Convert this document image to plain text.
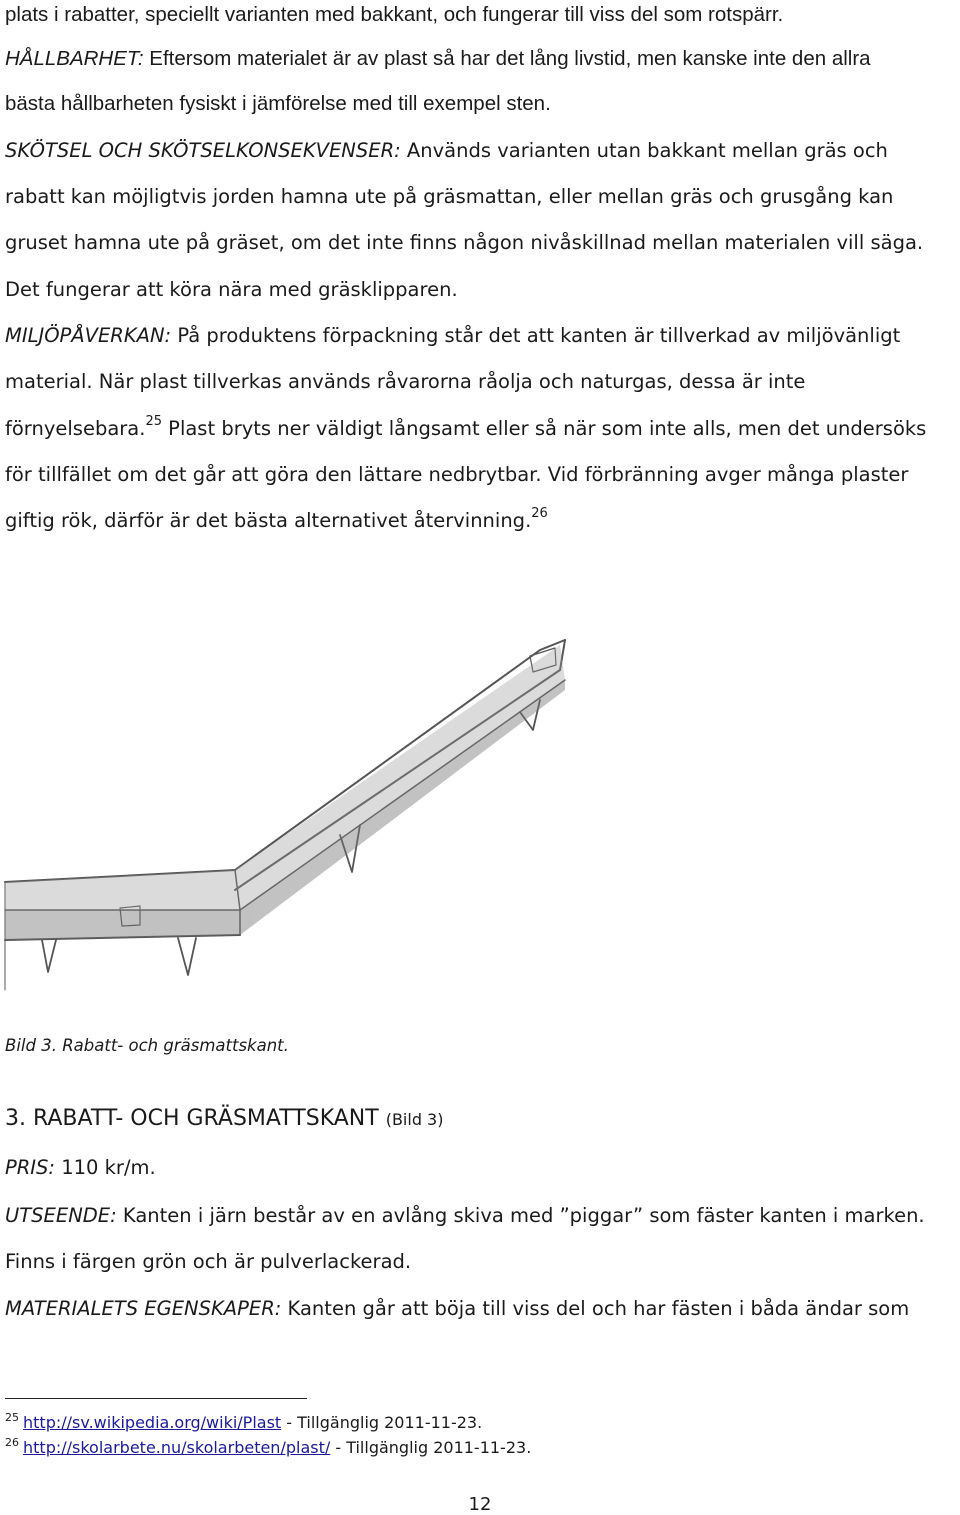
plats i rabatter, speciellt varianten med bakkant, och fungerar till viss del som rotspärr.
HÅLLBARHET: Eftersom materialet är av plast så har det lång livstid, men kanske inte den allra
bästa hållbarheten fysiskt i jämförelse med till exempel sten.
SKÖTSEL OCH SKÖTSELKONSEKVENSER: Används varianten utan bakkant mellan gräs och
rabatt kan möjligtvis jorden hamna ute på gräsmattan, eller mellan gräs och grusgång kan
gruset hamna ute på gräset, om det inte finns någon nivåskillnad mellan materialen vill säga.
Det fungerar att köra nära med gräsklipparen.
MILJÖPÅVERKAN: På produktens förpackning står det att kanten är tillverkad av miljövänligt
material. När plast tillverkas används råvarorna råolja och naturgas, dessa är inte
förnyelsebara.$^{25}$ Plast bryts ner väldigt långsamt eller så när som inte alls, men det undersöks
för tillfället om det går att göra den lättare nedbrytbar. Vid förbränning avger många plaster
giftig rök, därför är det bästa alternativet återvinning.$^{26}$
Bild 3. Rabatt- och gräsmattskant.
3. RABATT- OCH GRÄSMATTSKANT (Bild 3)
PRIS: 110 kr/m.
UTSEENDE: Kanten i järn består av en avlång skiva med ”piggar” som fäster kanten i marken.
Finns i färgen grön och är pulverlackerad.
MATERIALETS EGENSKAPER: Kanten går att böja till viss del och har fästen i båda ändar som
$^{25}$ http://sv.wikipedia.org/wiki/Plast - Tillgänglig 2011-11-23.
$^{26}$ http://skolarbete.nu/skolarbeten/plast/ - Tillgänglig 2011-11-23.
12
